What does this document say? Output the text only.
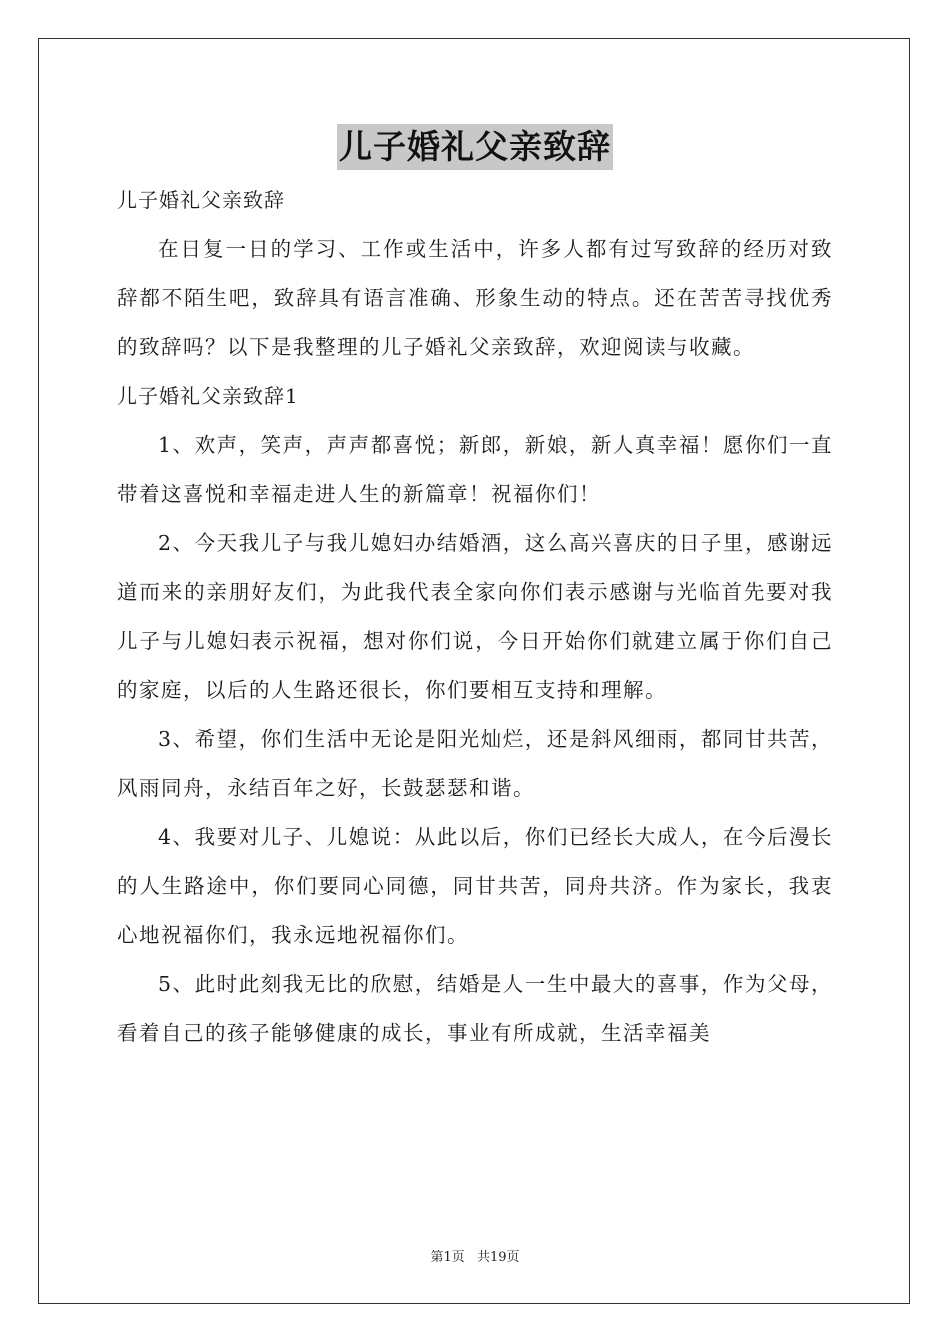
儿子婚礼父亲致辞

儿子婚礼父亲致辞

在日复一日的学习、工作或生活中，许多人都有过写致辞的经历对致辞都不陌生吧，致辞具有语言准确、形象生动的特点。还在苦苦寻找优秀的致辞吗？以下是我整理的儿子婚礼父亲致辞，欢迎阅读与收藏。

儿子婚礼父亲致辞1

1、欢声，笑声，声声都喜悦；新郎，新娘，新人真幸福！愿你们一直带着这喜悦和幸福走进人生的新篇章！祝福你们！

2、今天我儿子与我儿媳妇办结婚酒，这么高兴喜庆的日子里，感谢远道而来的亲朋好友们，为此我代表全家向你们表示感谢与光临首先要对我儿子与儿媳妇表示祝福，想对你们说，今日开始你们就建立属于你们自己的家庭，以后的人生路还很长，你们要相互支持和理解。

3、希望，你们生活中无论是阳光灿烂，还是斜风细雨，都同甘共苦，风雨同舟，永结百年之好，长鼓瑟瑟和谐。

4、我要对儿子、儿媳说：从此以后，你们已经长大成人，在今后漫长的人生路途中，你们要同心同德，同甘共苦，同舟共济。作为家长，我衷心地祝福你们，我永远地祝福你们。

5、此时此刻我无比的欣慰，结婚是人一生中最大的喜事，作为父母，看着自己的孩子能够健康的成长，事业有所成就，生活幸福美

第1页 共19页
